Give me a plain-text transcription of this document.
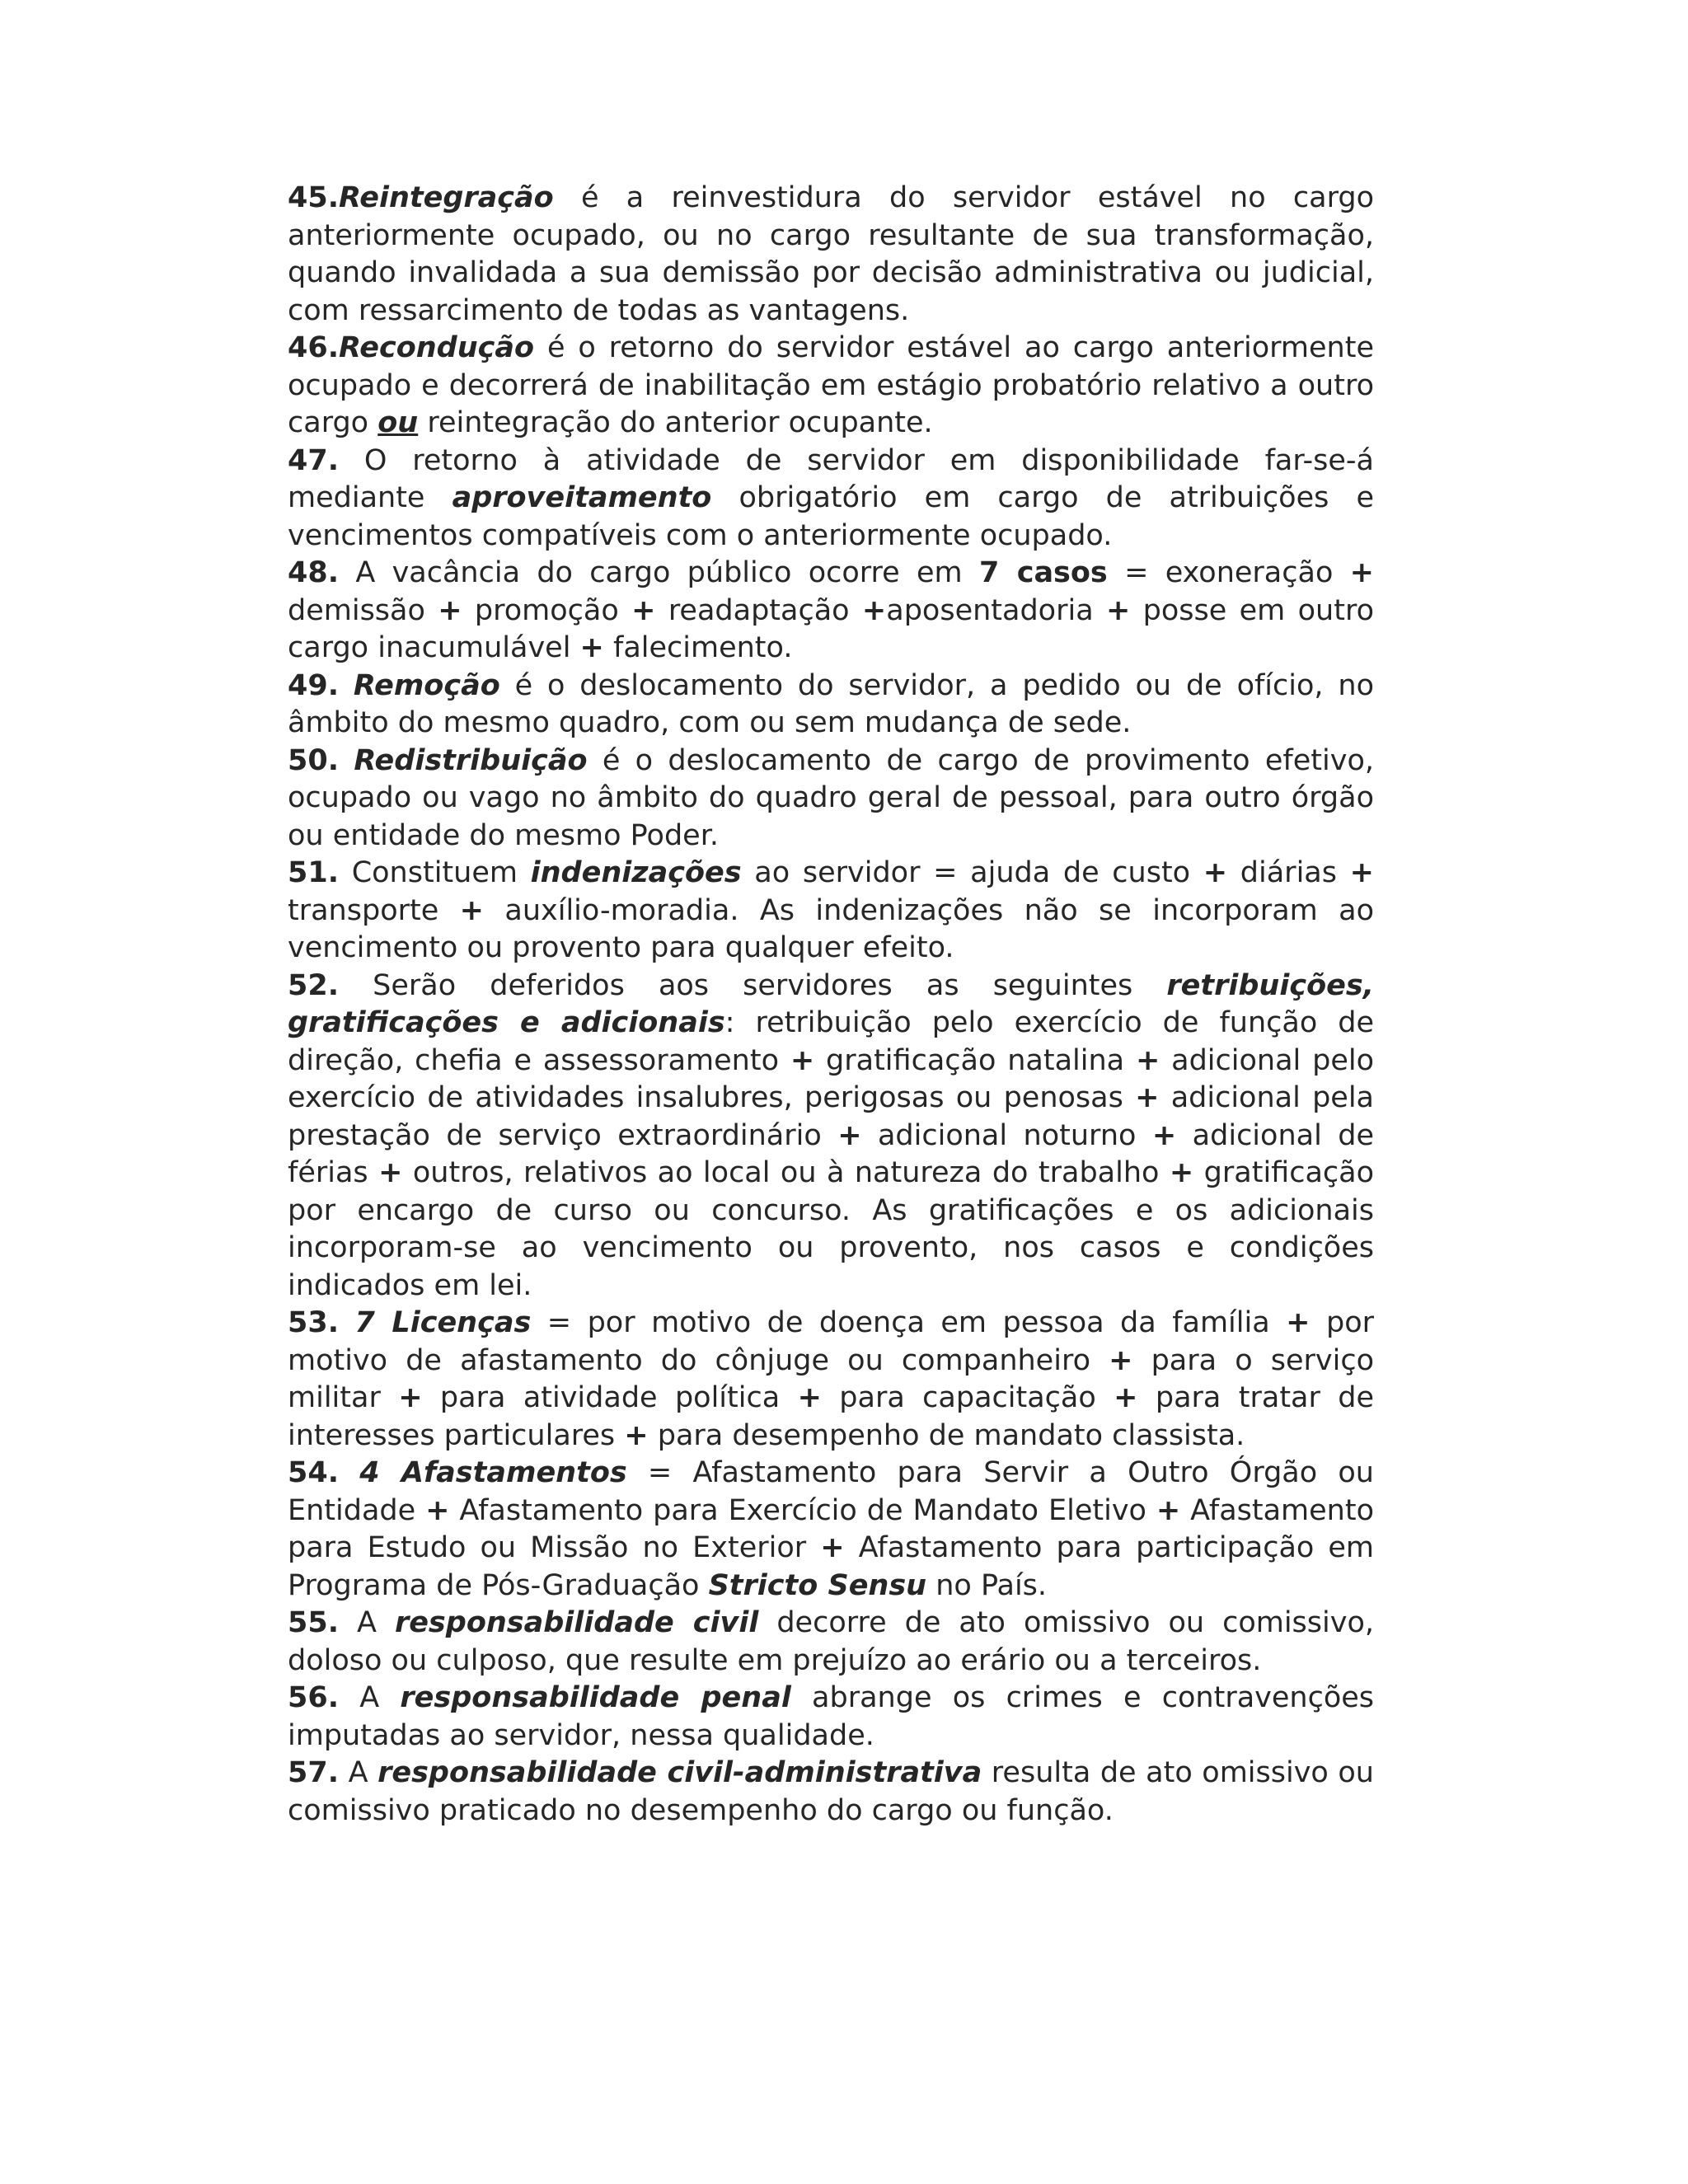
45.Reintegração é a reinvestidura do servidor estável no cargo anteriormente ocupado, ou no cargo resultante de sua transformação, quando invalidada a sua demissão por decisão administrativa ou judicial, com ressarcimento de todas as vantagens.

46.Recondução é o retorno do servidor estável ao cargo anteriormente ocupado e decorrerá de inabilitação em estágio probatório relativo a outro cargo ou reintegração do anterior ocupante.

47. O retorno à atividade de servidor em disponibilidade far-se-á mediante aproveitamento obrigatório em cargo de atribuições e vencimentos compatíveis com o anteriormente ocupado.

48. A vacância do cargo público ocorre em 7 casos = exoneração + demissão + promoção + readaptação +aposentadoria + posse em outro cargo inacumulável + falecimento.

49. Remoção é o deslocamento do servidor, a pedido ou de ofício, no âmbito do mesmo quadro, com ou sem mudança de sede.

50. Redistribuição é o deslocamento de cargo de provimento efetivo, ocupado ou vago no âmbito do quadro geral de pessoal, para outro órgão ou entidade do mesmo Poder.

51. Constituem indenizações ao servidor = ajuda de custo + diárias + transporte + auxílio-moradia. As indenizações não se incorporam ao vencimento ou provento para qualquer efeito.

52. Serão deferidos aos servidores as seguintes retribuições, gratificações e adicionais: retribuição pelo exercício de função de direção, chefia e assessoramento + gratificação natalina + adicional pelo exercício de atividades insalubres, perigosas ou penosas + adicional pela prestação de serviço extraordinário + adicional noturno + adicional de férias + outros, relativos ao local ou à natureza do trabalho + gratificação por encargo de curso ou concurso. As gratificações e os adicionais incorporam-se ao vencimento ou provento, nos casos e condições indicados em lei.

53. 7 Licenças = por motivo de doença em pessoa da família + por motivo de afastamento do cônjuge ou companheiro + para o serviço militar + para atividade política + para capacitação + para tratar de interesses particulares + para desempenho de mandato classista.

54. 4 Afastamentos = Afastamento para Servir a Outro Órgão ou Entidade + Afastamento para Exercício de Mandato Eletivo + Afastamento para Estudo ou Missão no Exterior + Afastamento para participação em Programa de Pós-Graduação Stricto Sensu no País.

55. A responsabilidade civil decorre de ato omissivo ou comissivo, doloso ou culposo, que resulte em prejuízo ao erário ou a terceiros.

56. A responsabilidade penal abrange os crimes e contravenções imputadas ao servidor, nessa qualidade.

57. A responsabilidade civil-administrativa resulta de ato omissivo ou comissivo praticado no desempenho do cargo ou função.
